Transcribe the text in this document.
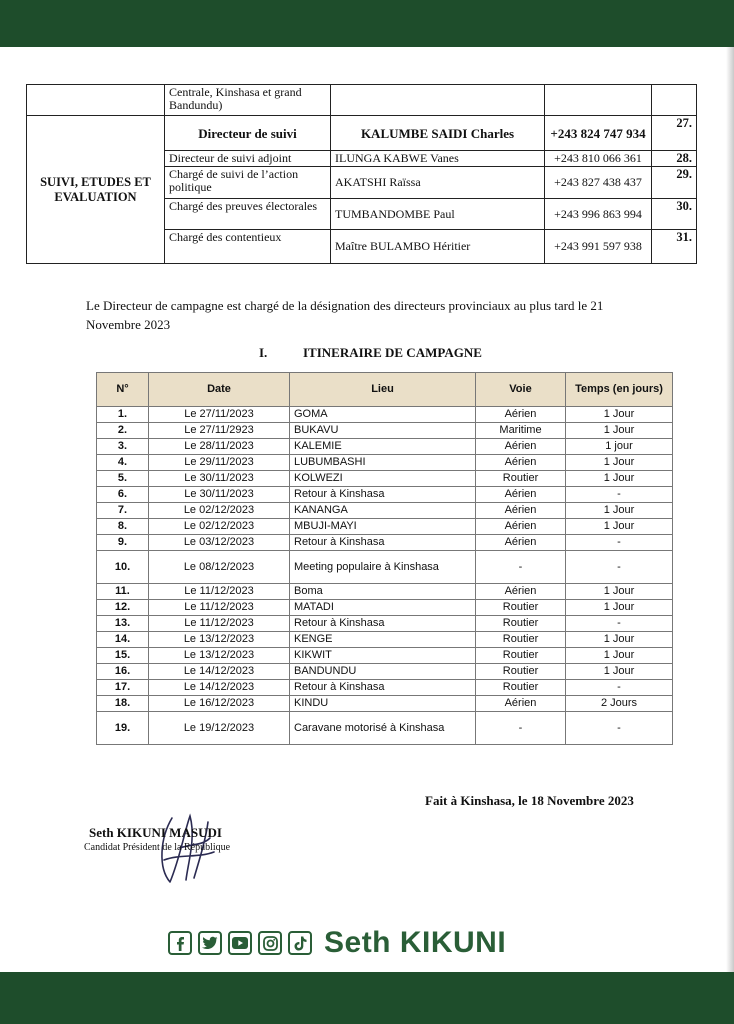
	Centrale, Kinshasa et grand Bandundu)			
SUIVI, ETUDES ET EVALUATION	Directeur de suivi	KALUMBE SAIDI Charles	+243 824 747 934	27.
	Directeur de suivi adjoint	ILUNGA KABWE Vanes	+243 810 066 361	28.
	Chargé de suivi de l’action politique	AKATSHI Raïssa	+243 827 438 437	29.
	Chargé des preuves électorales	TUMBANDOMBE Paul	+243 996 863 994	30.
	Chargé des contentieux	Maître BULAMBO Héritier	+243 991 597 938	31.
Le Directeur de campagne est chargé de la désignation des directeurs provinciaux au plus tard le 21 Novembre 2023
I.	ITINERAIRE DE CAMPAGNE
N°	Date	Lieu	Voie	Temps (en jours)
1.	Le 27/11/2023	GOMA	Aérien	1 Jour
2.	Le 27/11/2923	BUKAVU	Maritime	1 Jour
3.	Le 28/11/2023	KALEMIE	Aérien	1 jour
4.	Le 29/11/2023	LUBUMBASHI	Aérien	1 Jour
5.	Le 30/11/2023	KOLWEZI	Routier	1 Jour
6.	Le 30/11/2023	Retour à Kinshasa	Aérien	-
7.	Le 02/12/2023	KANANGA	Aérien	1 Jour
8.	Le 02/12/2023	MBUJI-MAYI	Aérien	1 Jour
9.	Le 03/12/2023	Retour à Kinshasa	Aérien	-
10.	Le 08/12/2023	Meeting populaire à Kinshasa	-	-
11.	Le 11/12/2023	Boma	Aérien	1 Jour
12.	Le 11/12/2023	MATADI	Routier	1 Jour
13.	Le 11/12/2023	Retour à Kinshasa	Routier	-
14.	Le 13/12/2023	KENGE	Routier	1 Jour
15.	Le 13/12/2023	KIKWIT	Routier	1 Jour
16.	Le 14/12/2023	BANDUNDU	Routier	1 Jour
17.	Le 14/12/2023	Retour à Kinshasa	Routier	-
18.	Le 16/12/2023	KINDU	Aérien	2 Jours
19.	Le 19/12/2023	Caravane motorisé à Kinshasa	-	-
Fait à Kinshasa, le 18 Novembre 2023
Seth KIKUNI MASUDI
Candidat Président de la République
Seth KIKUNI
